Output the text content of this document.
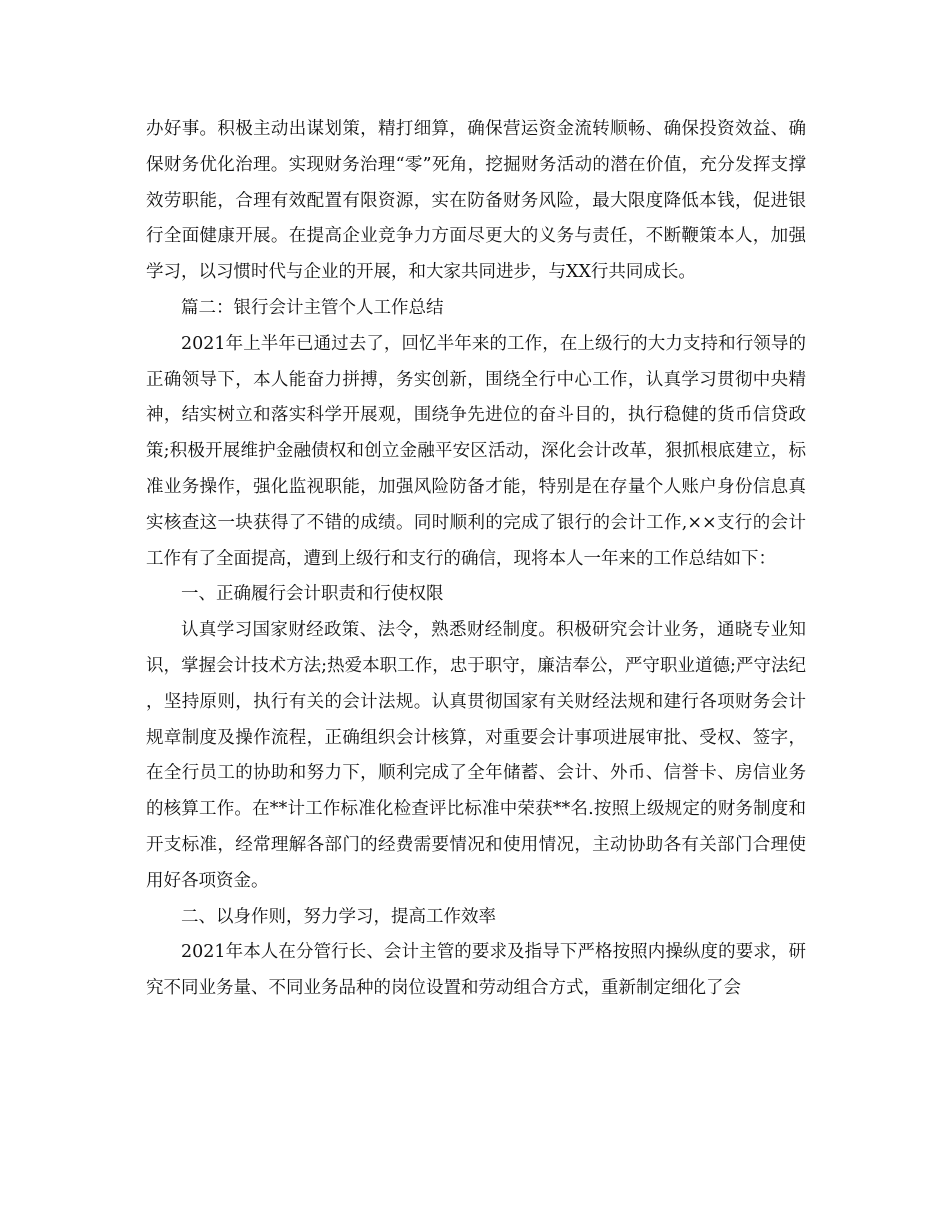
办好事。积极主动出谋划策，精打细算，确保营运资金流转顺畅、确保投资效益、确保财务优化治理。实现财务治理“零”死角，挖掘财务活动的潜在价值，充分发挥支撑效劳职能，合理有效配置有限资源，实在防备财务风险，最大限度降低本钱，促进银行全面健康开展。在提高企业竞争力方面尽更大的义务与责任，不断鞭策本人，加强学习，以习惯时代与企业的开展，和大家共同进步，与XX行共同成长。

篇二：银行会计主管个人工作总结

2021年上半年已通过去了，回忆半年来的工作，在上级行的大力支持和行领导的正确领导下，本人能奋力拼搏，务实创新，围绕全行中心工作，认真学习贯彻中央精神，结实树立和落实科学开展观，围绕争先进位的奋斗目的，执行稳健的货币信贷政策;积极开展维护金融债权和创立金融平安区活动，深化会计改革，狠抓根底建立，标准业务操作，强化监视职能，加强风险防备才能，特别是在存量个人账户身份信息真实核查这一块获得了不错的成绩。同时顺利的完成了银行的会计工作,××支行的会计工作有了全面提高，遭到上级行和支行的确信，现将本人一年来的工作总结如下：

一、正确履行会计职责和行使权限

认真学习国家财经政策、法令，熟悉财经制度。积极研究会计业务，通晓专业知识，掌握会计技术方法;热爱本职工作，忠于职守，廉洁奉公，严守职业道德;严守法纪，坚持原则，执行有关的会计法规。认真贯彻国家有关财经法规和建行各项财务会计规章制度及操作流程，正确组织会计核算，对重要会计事项进展审批、受权、签字，在全行员工的协助和努力下，顺利完成了全年储蓄、会计、外币、信誉卡、房信业务的核算工作。在**计工作标准化检查评比标准中荣获**名.按照上级规定的财务制度和开支标准，经常理解各部门的经费需要情况和使用情况，主动协助各有关部门合理使用好各项资金。

二、以身作则，努力学习，提高工作效率

2021年本人在分管行长、会计主管的要求及指导下严格按照内操纵度的要求，研究不同业务量、不同业务品种的岗位设置和劳动组合方式，重新制定细化了会
